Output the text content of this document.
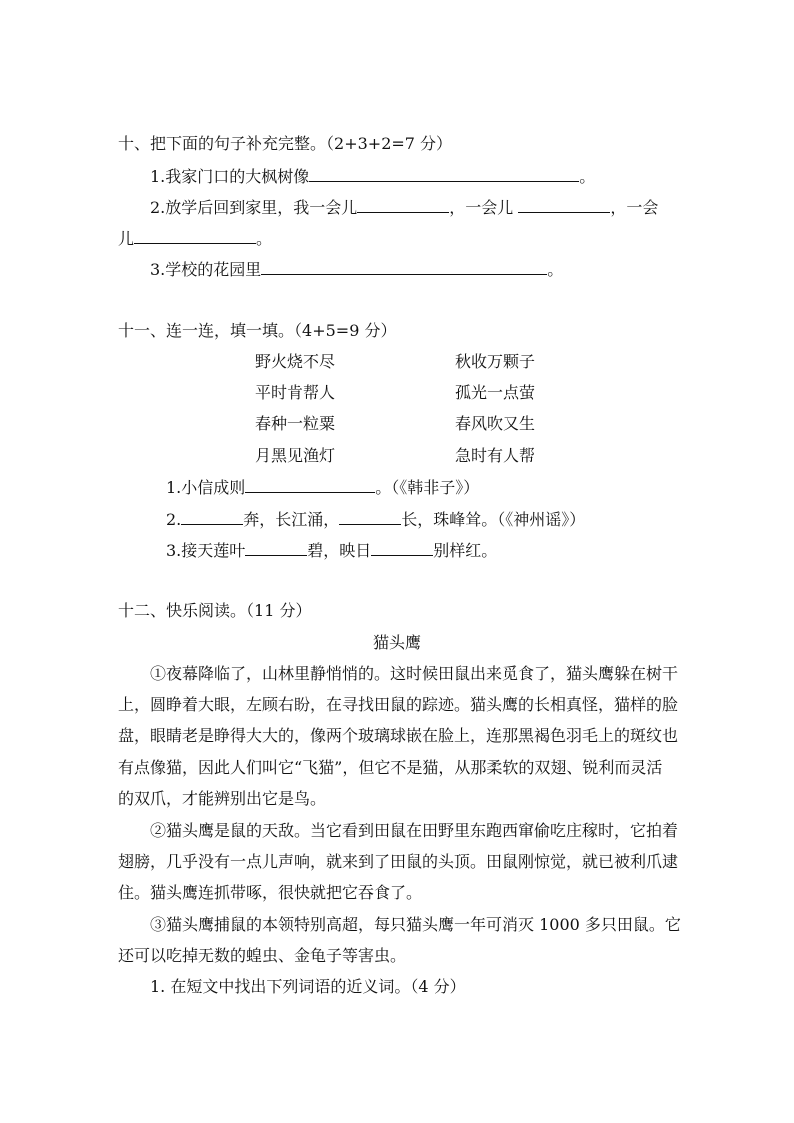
十、把下面的句子补充完整。（2+3+2=7 分）
1.我家门口的大枫树像	。
2.放学后回到家里，我一会儿	，一会儿	，一会
儿	。
3.学校的花园里	。
十一、连一连，填一填。（4+5=9 分）
野火烧不尽	秋收万颗子
平时肯帮人	孤光一点萤
春种一粒粟	春风吹又生
月黑见渔灯	急时有人帮
1.小信成则	。（《韩非子》）
2.	奔，长江涌，	长，珠峰耸。（《神州谣》）
3.接天莲叶	碧，映日	别样红。
十二、快乐阅读。（11 分）
猫头鹰
①夜幕降临了，山林里静悄悄的。这时候田鼠出来觅食了，猫头鹰躲在树干
上，圆睁着大眼，左顾右盼，在寻找田鼠的踪迹。猫头鹰的长相真怪，猫样的脸
盘，眼睛老是睁得大大的，像两个玻璃球嵌在脸上，连那黑褐色羽毛上的斑纹也
有点像猫，因此人们叫它“飞猫”，但它不是猫，从那柔软的双翅、锐利而灵活
的双爪，才能辨别出它是鸟。
②猫头鹰是鼠的天敌。当它看到田鼠在田野里东跑西窜偷吃庄稼时，它拍着
翅膀，几乎没有一点儿声响，就来到了田鼠的头顶。田鼠刚惊觉，就已被利爪逮
住。猫头鹰连抓带啄，很快就把它吞食了。
③猫头鹰捕鼠的本领特别高超，每只猫头鹰一年可消灭 1000 多只田鼠。它
还可以吃掉无数的蝗虫、金龟子等害虫。
1. 在短文中找出下列词语的近义词。（4 分）
